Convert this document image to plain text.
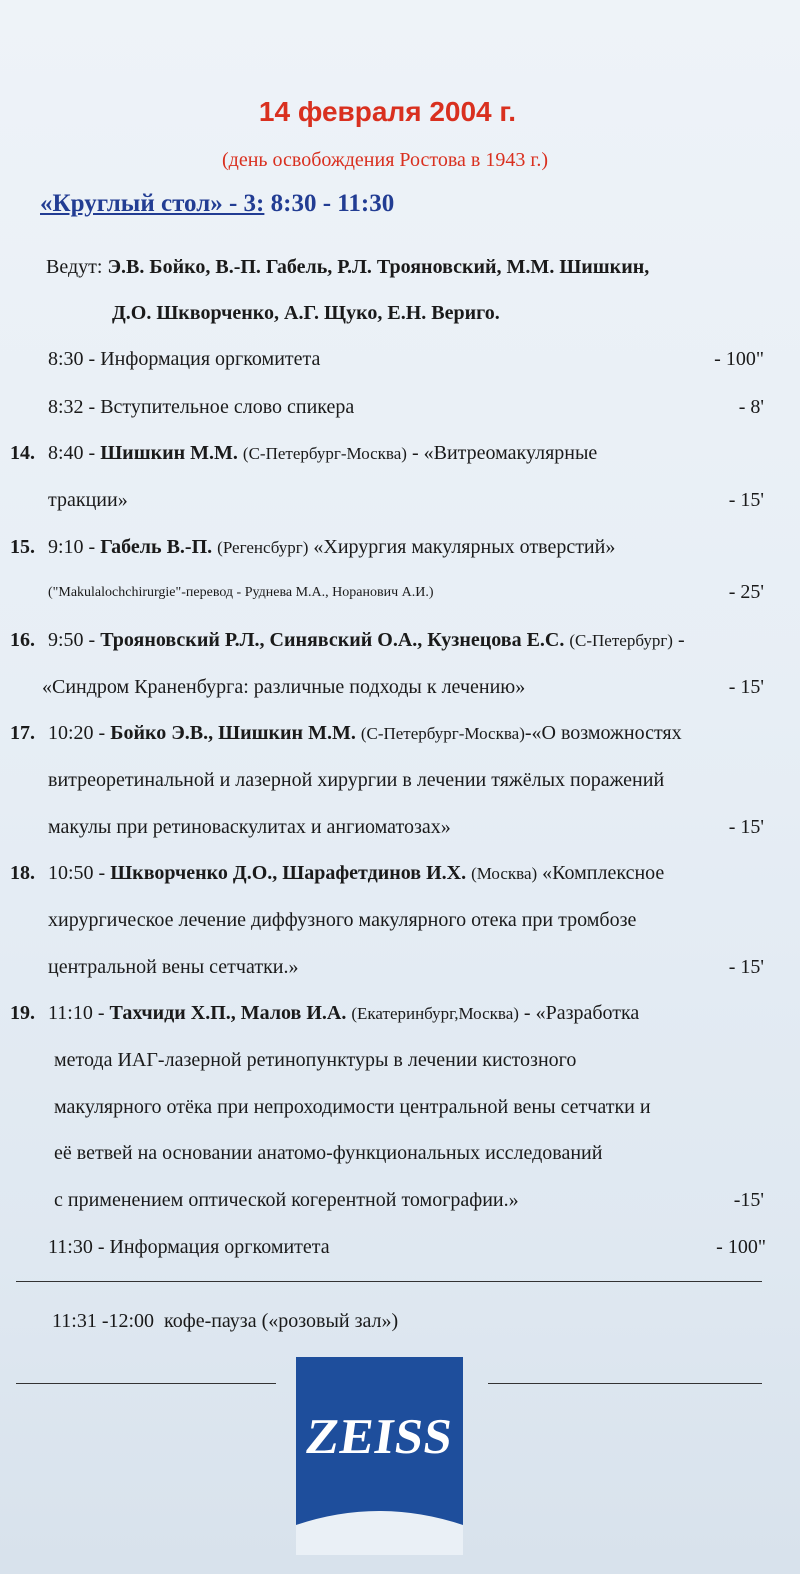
14 февраля 2004 г.
(день освобождения Ростова в 1943 г.)
«Круглый стол» - 3: 8:30 - 11:30
Ведут: Э.В. Бойко, В.-П. Габель, Р.Л. Трояновский, М.М. Шишкин,
Д.О. Шкворченко, А.Г. Щуко, Е.Н. Вериго.
8:30 - Информация оргкомитета	- 100"
8:32 - Вступительное слово спикера	- 8'
14. 8:40 - Шишкин М.М. (С-Петербург-Москва) - «Витреомакулярные
тракции»	- 15'
15. 9:10 - Габель В.-П. (Регенсбург) «Хирургия макулярных отверстий»
("Makulalochchirurgie"-перевод - Руднева М.А., Норанович А.И.)	- 25'
16. 9:50 - Трояновский Р.Л., Синявский О.А., Кузнецова Е.С. (С-Петербург) -
«Синдром Краненбурга: различные подходы к лечению»	- 15'
17. 10:20 - Бойко Э.В., Шишкин М.М. (С-Петербург-Москва)-«О возможностях
витреоретинальной и лазерной хирургии в лечении тяжёлых поражений
макулы при ретиноваскулитах и ангиоматозах»	- 15'
18. 10:50 - Шкворченко Д.О., Шарафетдинов И.Х. (Москва) «Комплексное
хирургическое лечение диффузного макулярного отека при тромбозе
центральной вены сетчатки.»	- 15'
19. 11:10 - Тахчиди Х.П., Малов И.А. (Екатеринбург,Москва) - «Разработка
метода ИАГ-лазерной ретинопунктуры в лечении кистозного
макулярного отёка при непроходимости центральной вены сетчатки и
её ветвей на основании анатомо-функциональных исследований
с применением оптической когерентной томографии.»	-15'
11:30 - Информация оргкомитета	- 100"
11:31 -12:00 кофе-пауза («розовый зал»)
ZEISS
